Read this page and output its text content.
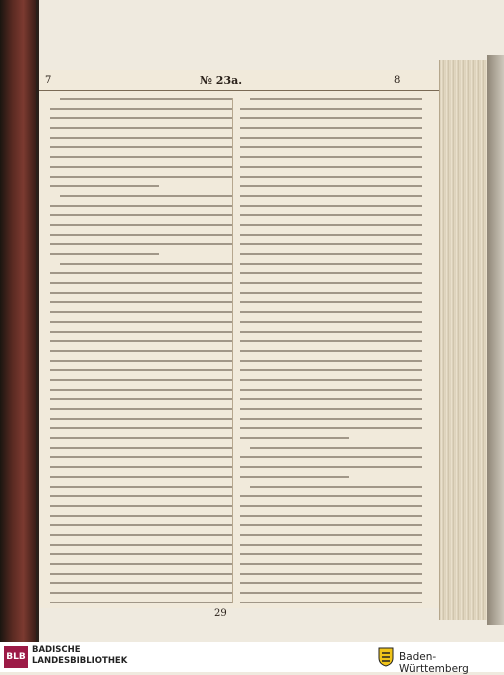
7	№ 23a.	8
29
BLB
BADISCHE
LANDESBIBLIOTHEK	Baden-Württemberg
